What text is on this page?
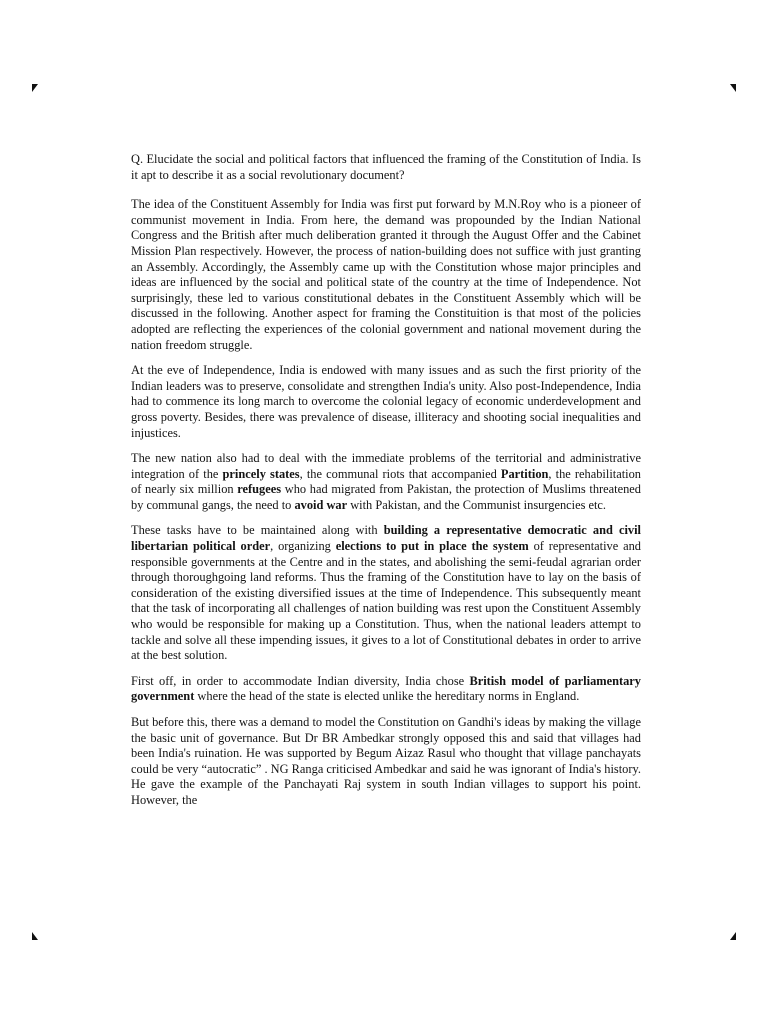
Q. Elucidate the social and political factors that influenced the framing of the Constitution of India. Is it apt to describe it as a social revolutionary document?

The idea of the Constituent Assembly for India was first put forward by M.N.Roy who is a pioneer of communist movement in India. From here, the demand was propounded by the Indian National Congress and the British after much deliberation granted it through the August Offer and the Cabinet Mission Plan respectively. However, the process of nation-building does not suffice with just granting an Assembly. Accordingly, the Assembly came up with the Constitution whose major principles and ideas are influenced by the social and political state of the country at the time of Independence. Not surprisingly, these led to various constitutional debates in the Constituent Assembly which will be discussed in the following. Another aspect for framing the Constituition is that most of the policies adopted are reflecting the experiences of the colonial government and national movement during the nation freedom struggle.

At the eve of Independence, India is endowed with many issues and as such the first priority of the Indian leaders was to preserve, consolidate and strengthen India's unity. Also post-Independence, India had to commence its long march to overcome the colonial legacy of economic underdevelopment and gross poverty. Besides, there was prevalence of disease, illiteracy and shooting social inequalities and injustices.

The new nation also had to deal with the immediate problems of the territorial and administrative integration of the princely states, the communal riots that accompanied Partition, the rehabilitation of nearly six million refugees who had migrated from Pakistan, the protection of Muslims threatened by communal gangs, the need to avoid war with Pakistan, and the Communist insurgencies etc.

These tasks have to be maintained along with building a representative democratic and civil libertarian political order, organizing elections to put in place the system of representative and responsible governments at the Centre and in the states, and abolishing the semi-feudal agrarian order through thoroughgoing land reforms. Thus the framing of the Constitution have to lay on the basis of consideration of the existing diversified issues at the time of Independence. This subsequently meant that the task of incorporating all challenges of nation building was rest upon the Constituent Assembly who would be responsible for making up a Constitution. Thus, when the national leaders attempt to tackle and solve all these impending issues, it gives to a lot of Constitutional debates in order to arrive at the best solution.

First off, in order to accommodate Indian diversity, India chose British model of parliamentary government where the head of the state is elected unlike the hereditary norms in England.

But before this, there was a demand to model the Constitution on Gandhi's ideas by making the village the basic unit of governance. But Dr BR Ambedkar strongly opposed this and said that villages had been India's ruination. He was supported by Begum Aizaz Rasul who thought that village panchayats could be very “autocratic” . NG Ranga criticised Ambedkar and said he was ignorant of India's history. He gave the example of the Panchayati Raj system in south Indian villages to support his point. However, the
